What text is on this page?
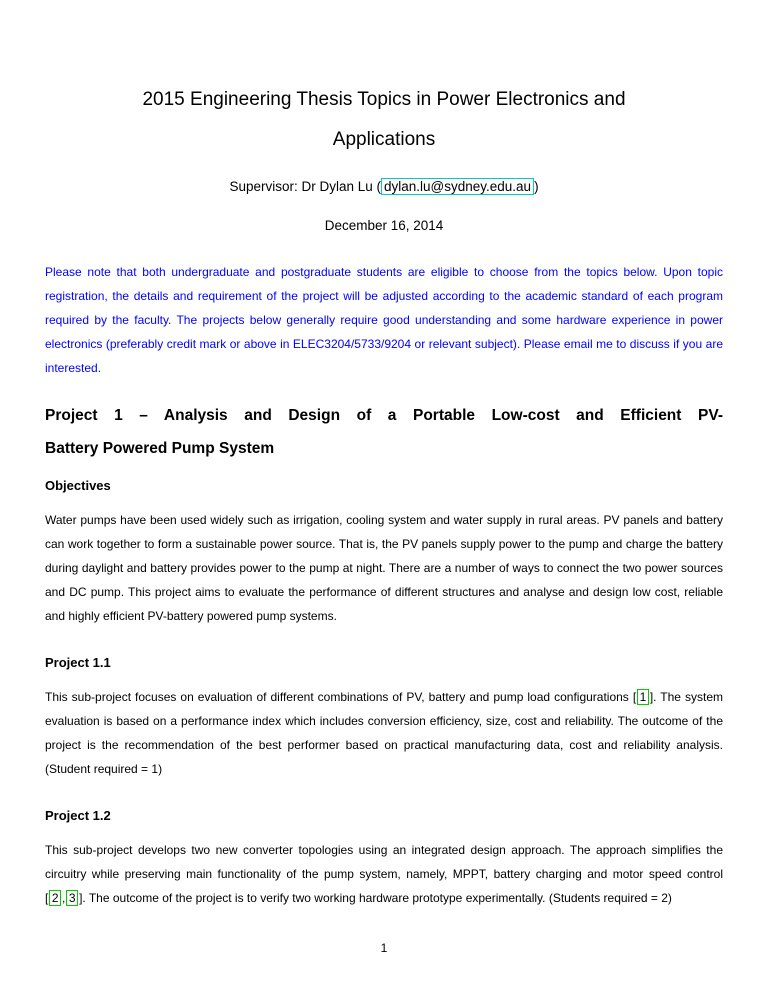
2015 Engineering Thesis Topics in Power Electronics and
Applications
Supervisor: Dr Dylan Lu ( dylan.lu@sydney.edu.au )
December 16, 2014

Please note that both undergraduate and postgraduate students are eligible to choose from the topics below. Upon topic registration, the details and requirement of the project will be adjusted according to the academic standard of each program required by the faculty. The projects below generally require good understanding and some hardware experience in power electronics (preferably credit mark or above in ELEC3204/5733/9204 or relevant subject). Please email me to discuss if you are interested.

Project 1 – Analysis and Design of a Portable Low-cost and Efficient PV-
Battery Powered Pump System
Objectives

Water pumps have been used widely such as irrigation, cooling system and water supply in rural areas. PV panels and battery can work together to form a sustainable power source. That is, the PV panels supply power to the pump and charge the battery during daylight and battery provides power to the pump at night. There are a number of ways to connect the two power sources and DC pump. This project aims to evaluate the performance of different structures and analyse and design low cost, reliable and highly efficient PV-battery powered pump systems.

Project 1.1

This sub-project focuses on evaluation of different combinations of PV, battery and pump load configurations [ 1 ]. The system evaluation is based on a performance index which includes conversion efficiency, size, cost and reliability. The outcome of the project is the recommendation of the best performer based on practical manufacturing data, cost and reliability analysis. (Student required = 1)

Project 1.2

This sub-project develops two new converter topologies using an integrated design approach. The approach simplifies the circuitry while preserving main functionality of the pump system, namely, MPPT, battery charging and motor speed control [ 2 , 3 ]. The outcome of the project is to verify two working hardware prototype experimentally. (Students required = 2)

1
